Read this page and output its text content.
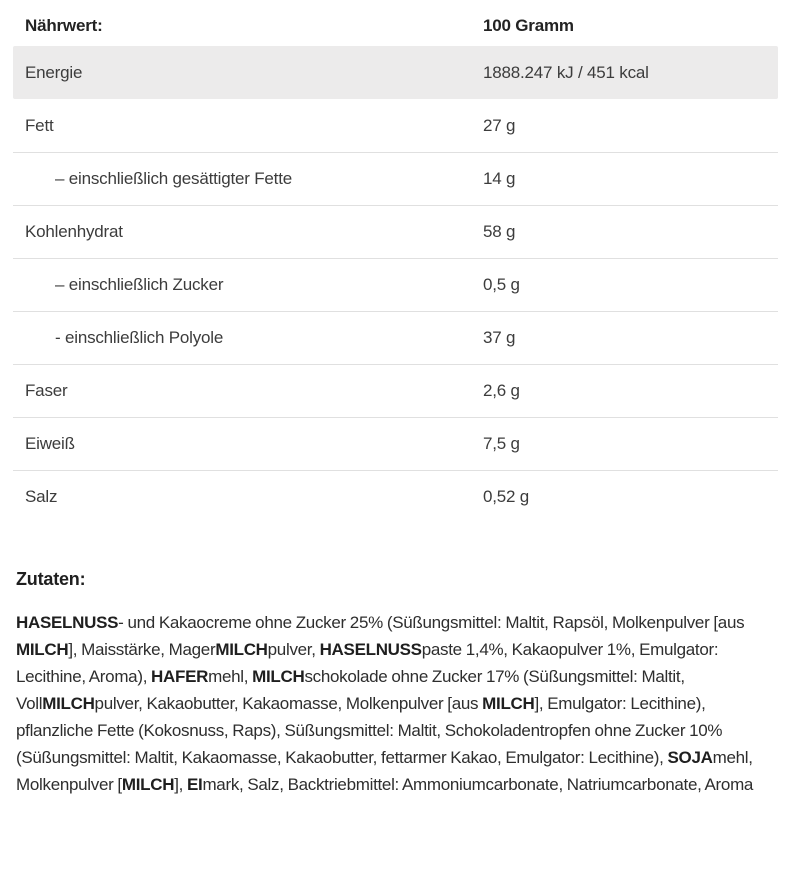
Nährwert:	100 Gramm
Energie	1888.247 kJ / 451 kcal
Fett	27 g
– einschließlich gesättigter Fette	14 g
Kohlenhydrat	58 g
– einschließlich Zucker	0,5 g
- einschließlich Polyole	37 g
Faser	2,6 g
Eiweiß	7,5 g
Salz	0,52 g
Zutaten:

HASELNUSS- und Kakaocreme ohne Zucker 25% (Süßungsmittel: Maltit, Rapsöl, Molkenpulver [aus MILCH], Maisstärke, MagerMILCHpulver, HASELNUSSpaste 1,4%, Kakaopulver 1%, Emulgator: Lecithine, Aroma), HAFERmehl, MILCHschokolade ohne Zucker 17% (Süßungsmittel: Maltit, VollMILCHpulver, Kakaobutter, Kakaomasse, Molkenpulver [aus MILCH], Emulgator: Lecithine), pflanzliche Fette (Kokosnuss, Raps), Süßungsmittel: Maltit, Schokoladentropfen ohne Zucker 10% (Süßungsmittel: Maltit, Kakaomasse, Kakaobutter, fettarmer Kakao, Emulgator: Lecithine), SOJAmehl, Molkenpulver [MILCH], EImark, Salz, Backtriebmittel: Ammoniumcarbonate, Natriumcarbonate, Aroma
